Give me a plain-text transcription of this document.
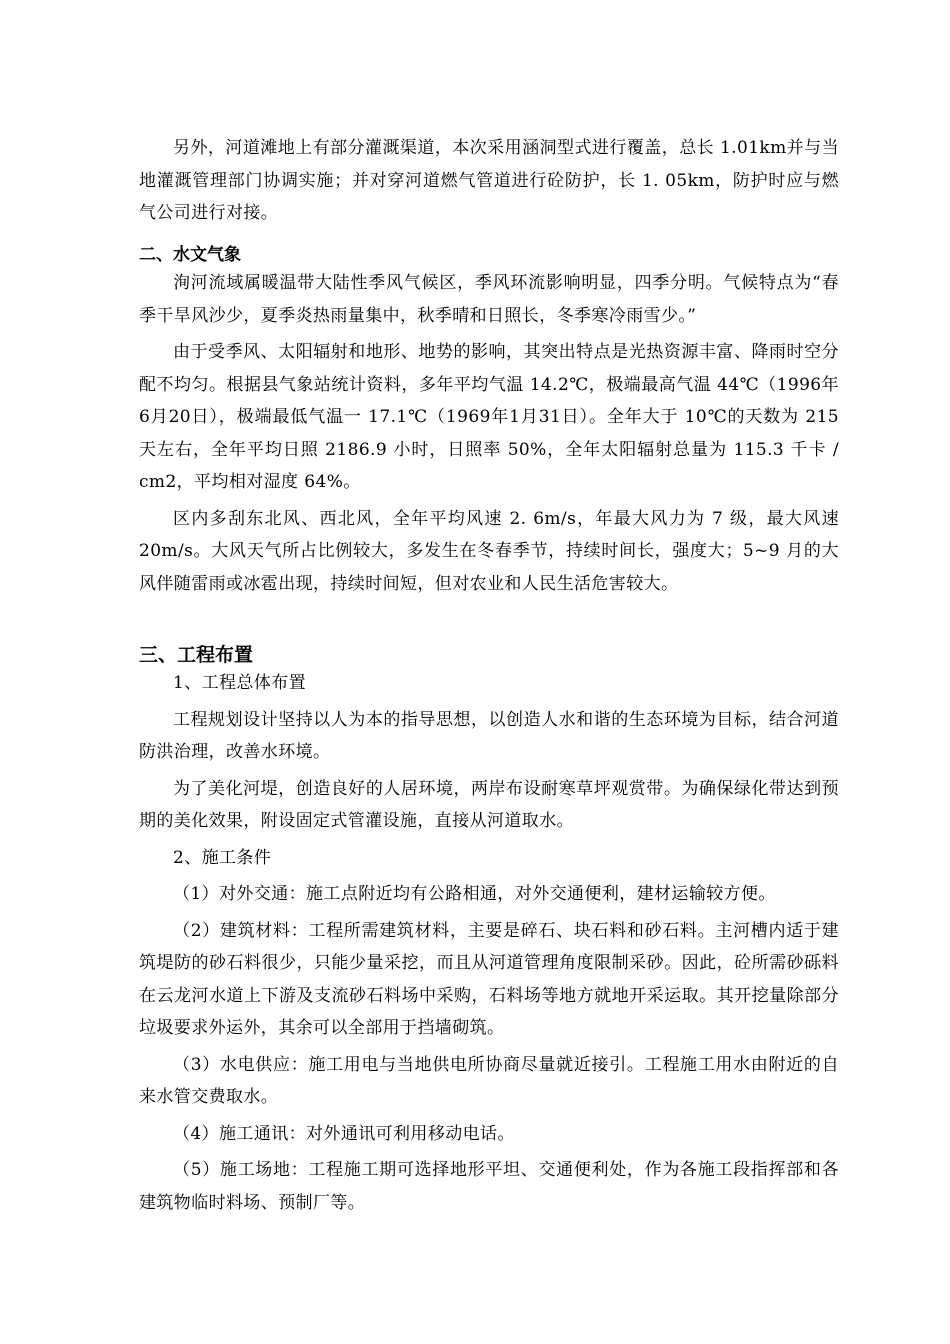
另外，河道滩地上有部分灌溉渠道，本次采用涵洞型式进行覆盖，总长 1.01km并与当地灌溉管理部门协调实施；并对穿河道燃气管道进行砼防护，长 1. 05km，防护时应与燃气公司进行对接。

二、水文气象

洵河流域属暖温带大陆性季风气候区，季风环流影响明显，四季分明。气候特点为“春季干旱风沙少，夏季炎热雨量集中，秋季晴和日照长，冬季寒冷雨雪少。”

由于受季风、太阳辐射和地形、地势的影响，其突出特点是光热资源丰富、降雨时空分配不均匀。根据县气象站统计资料，多年平均气温 14.2℃，极端最高气温 44℃（1996年6月20日），极端最低气温一 17.1℃（1969年1月31日）。全年大于 10℃的天数为 215 天左右，全年平均日照 2186.9 小时，日照率 50%，全年太阳辐射总量为 115.3 千卡 / cm2，平均相对湿度 64%。

区内多刮东北风、西北风，全年平均风速 2. 6m/s，年最大风力为 7 级，最大风速 20m/s。大风天气所占比例较大，多发生在冬春季节，持续时间长，强度大；5~9 月的大风伴随雷雨或冰雹出现，持续时间短，但对农业和人民生活危害较大。

三、工程布置

1、工程总体布置

工程规划设计坚持以人为本的指导思想，以创造人水和谐的生态环境为目标，结合河道防洪治理，改善水环境。

为了美化河堤，创造良好的人居环境，两岸布设耐寒草坪观赏带。为确保绿化带达到预期的美化效果，附设固定式管灌设施，直接从河道取水。

2、施工条件

（1）对外交通：施工点附近均有公路相通，对外交通便利，建材运输较方便。

（2）建筑材料：工程所需建筑材料，主要是碎石、块石料和砂石料。主河槽内适于建筑堤防的砂石料很少，只能少量采挖，而且从河道管理角度限制采砂。因此，砼所需砂砾料在云龙河水道上下游及支流砂石料场中采购，石料场等地方就地开采运取。其开挖量除部分垃圾要求外运外，其余可以全部用于挡墙砌筑。

（3）水电供应：施工用电与当地供电所协商尽量就近接引。工程施工用水由附近的自来水管交费取水。

（4）施工通讯：对外通讯可利用移动电话。

（5）施工场地：工程施工期可选择地形平坦、交通便利处，作为各施工段指挥部和各建筑物临时料场、预制厂等。
